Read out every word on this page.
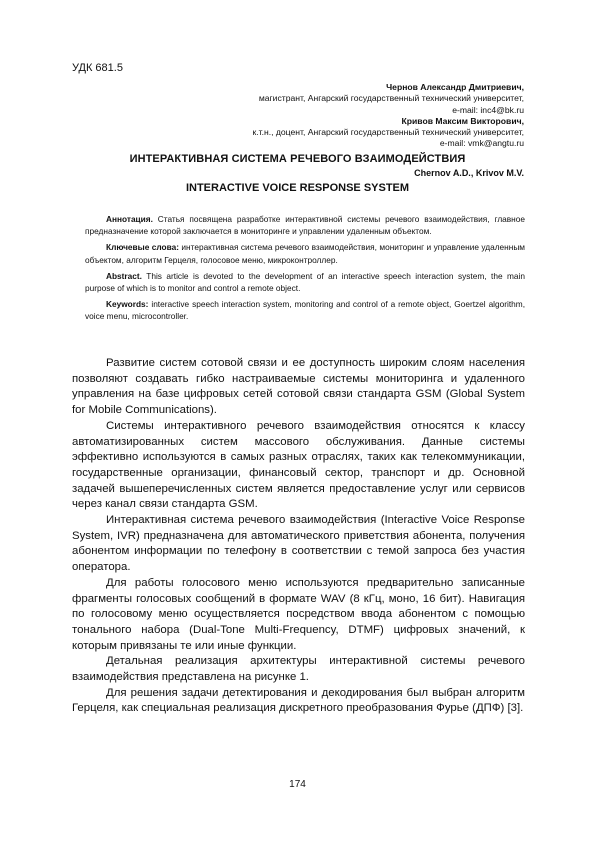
УДК 681.5
Чернов Александр Дмитриевич,
магистрант, Ангарский государственный технический университет,
e-mail: inc4@bk.ru
Кривов Максим Викторович,
к.т.н., доцент, Ангарский государственный технический университет,
e-mail: vmk@angtu.ru
ИНТЕРАКТИВНАЯ СИСТЕМА РЕЧЕВОГО ВЗАИМОДЕЙСТВИЯ
Chernov A.D., Krivov M.V.
INTERACTIVE VOICE RESPONSE SYSTEM

Аннотация. Статья посвящена разработке интерактивной системы речевого взаимодействия, главное предназначение которой заключается в мониторинге и управлении удаленным объектом.

Ключевые слова: интерактивная система речевого взаимодействия, мониторинг и управление удаленным объектом, алгоритм Герцеля, голосовое меню, микроконтроллер.

Abstract. This article is devoted to the development of an interactive speech interaction system, the main purpose of which is to monitor and control a remote object.

Keywords: interactive speech interaction system, monitoring and control of a remote object, Goertzel algorithm, voice menu, microcontroller.

Развитие систем сотовой связи и ее доступность широким слоям населения позволяют создавать гибко настраиваемые системы мониторинга и удаленного управления на базе цифровых сетей сотовой связи стандарта GSM (Global System for Mobile Communications).

Системы интерактивного речевого взаимодействия относятся к классу автоматизированных систем массового обслуживания. Данные системы эффективно используются в самых разных отраслях, таких как телекоммуникации, государственные организации, финансовый сектор, транспорт и др. Основной задачей вышеперечисленных систем является предоставление услуг или сервисов через канал связи стандарта GSM.

Интерактивная система речевого взаимодействия (Interactive Voice Response System, IVR) предназначена для автоматического приветствия абонента, получения абонентом информации по телефону в соответствии с темой запроса без участия оператора.

Для работы голосового меню используются предварительно записанные фрагменты голосовых сообщений в формате WAV (8 кГц, моно, 16 бит). Навигация по голосовому меню осуществляется посредством ввода абонентом с помощью тонального набора (Dual-Tone Multi-Frequency, DTMF) цифровых значений, к которым привязаны те или иные функции.

Детальная реализация архитектуры интерактивной системы речевого взаимодействия представлена на рисунке 1.

Для решения задачи детектирования и декодирования был выбран алгоритм Герцеля, как специальная реализация дискретного преобразования Фурье (ДПФ) [3].

174
